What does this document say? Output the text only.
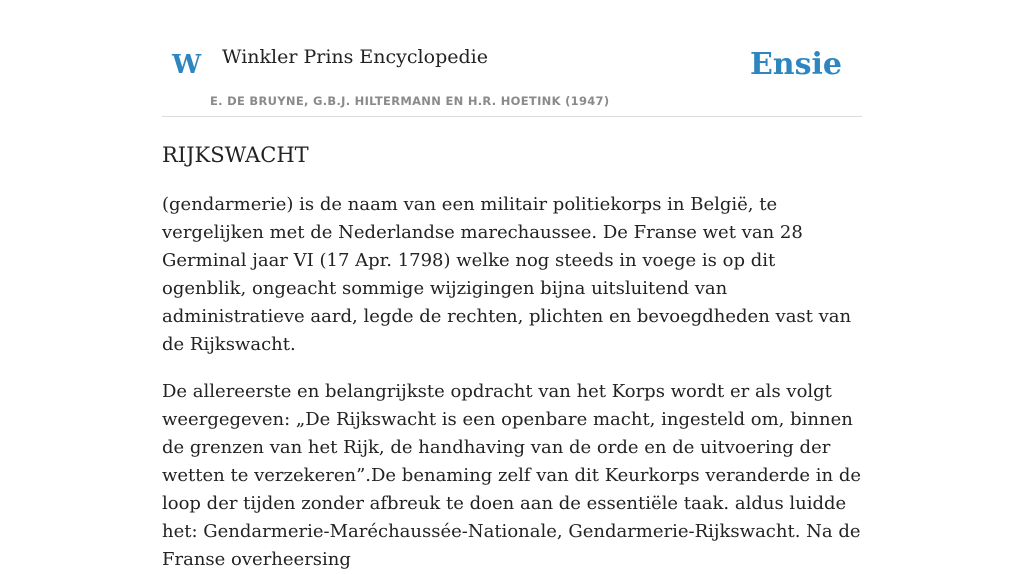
W Winkler Prins Encyclopedie
E. DE BRUYNE, G.B.J. HILTERMANN EN H.R. HOETINK (1947)
Ensie
RIJKSWACHT

(gendarmerie) is de naam van een militair politiekorps in België, te vergelijken met de Nederlandse marechaussee. De Franse wet van 28 Germinal jaar VI (17 Apr. 1798) welke nog steeds in voege is op dit ogenblik, ongeacht sommige wijzigingen bijna uitsluitend van administratieve aard, legde de rechten, plichten en bevoegdheden vast van de Rijkswacht.

De allereerste en belangrijkste opdracht van het Korps wordt er als volgt weergegeven: „De Rijkswacht is een openbare macht, ingesteld om, binnen de grenzen van het Rijk, de handhaving van de orde en de uitvoering der wetten te verzekeren”.De benaming zelf van dit Keurkorps veranderde in de loop der tijden zonder afbreuk te doen aan de essentiële taak. aldus luidde het: Gendarmerie-Maréchaussée-Nationale, Gendarmerie-Rijkswacht. Na de Franse overheersing
